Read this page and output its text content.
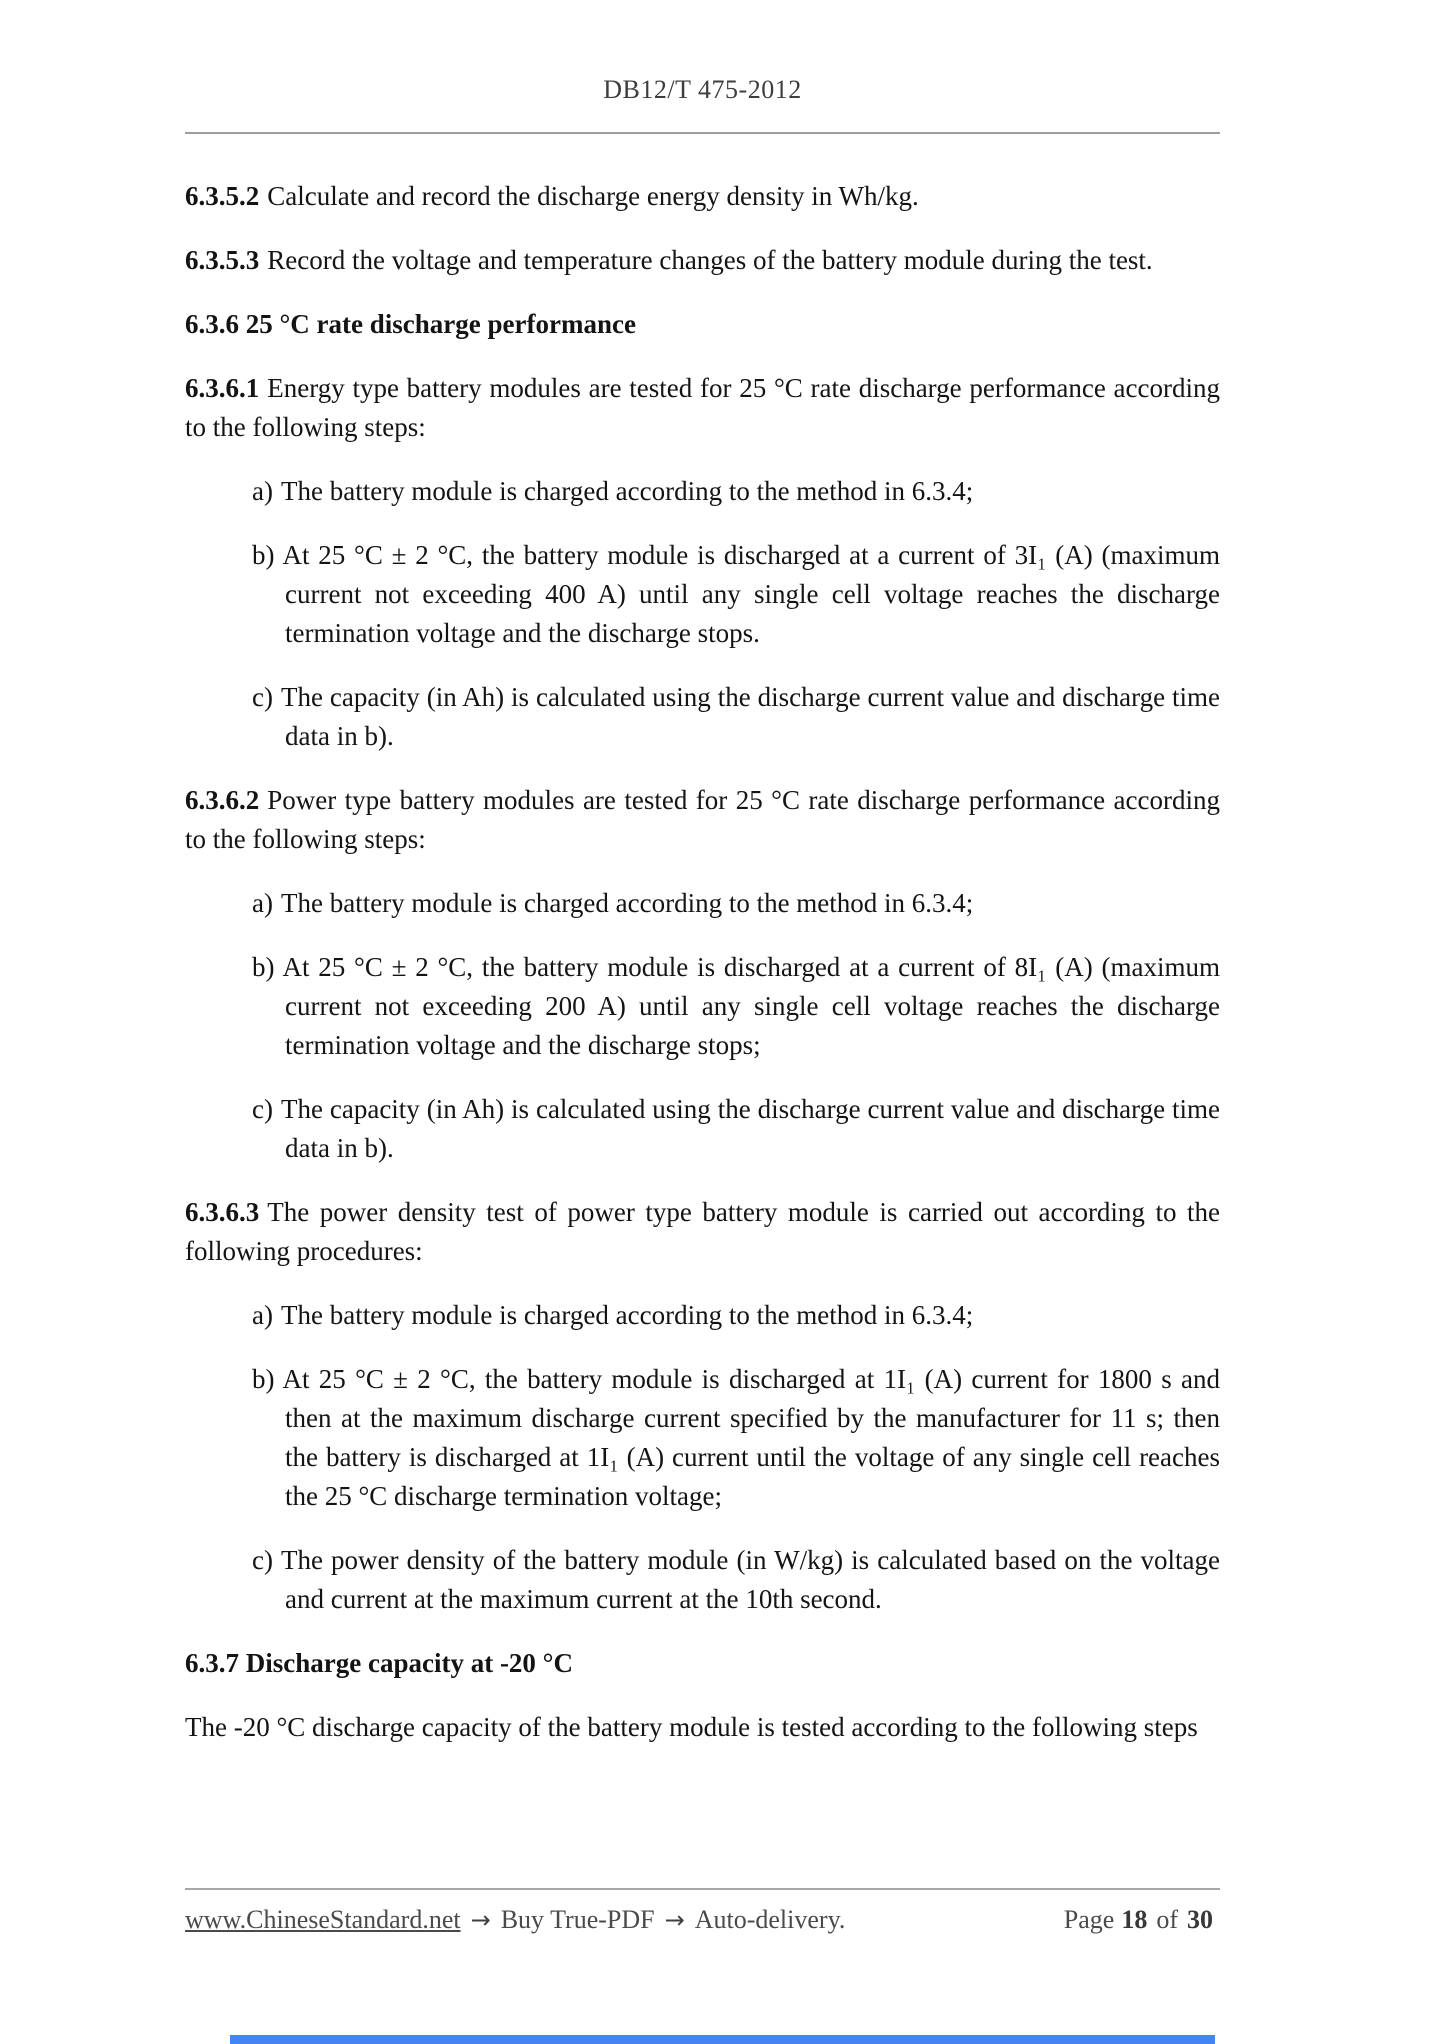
DB12/T 475-2012

6.3.5.2 Calculate and record the discharge energy density in Wh/kg.

6.3.5.3 Record the voltage and temperature changes of the battery module during the test.

6.3.6 25 °C rate discharge performance

6.3.6.1 Energy type battery modules are tested for 25 °C rate discharge performance according to the following steps:

a) The battery module is charged according to the method in 6.3.4;
b) At 25 °C ± 2 °C, the battery module is discharged at a current of 3I₁ (A) (maximum current not exceeding 400 A) until any single cell voltage reaches the discharge termination voltage and the discharge stops.
c) The capacity (in Ah) is calculated using the discharge current value and discharge time data in b).

6.3.6.2 Power type battery modules are tested for 25 °C rate discharge performance according to the following steps:

a) The battery module is charged according to the method in 6.3.4;
b) At 25 °C ± 2 °C, the battery module is discharged at a current of 8I₁ (A) (maximum current not exceeding 200 A) until any single cell voltage reaches the discharge termination voltage and the discharge stops;
c) The capacity (in Ah) is calculated using the discharge current value and discharge time data in b).

6.3.6.3 The power density test of power type battery module is carried out according to the following procedures:

a) The battery module is charged according to the method in 6.3.4;
b) At 25 °C ± 2 °C, the battery module is discharged at 1I₁ (A) current for 1800 s and then at the maximum discharge current specified by the manufacturer for 11 s; then the battery is discharged at 1I₁ (A) current until the voltage of any single cell reaches the 25 °C discharge termination voltage;
c) The power density of the battery module (in W/kg) is calculated based on the voltage and current at the maximum current at the 10th second.

6.3.7 Discharge capacity at -20 °C

The -20 °C discharge capacity of the battery module is tested according to the following steps

www.ChineseStandard.net → Buy True-PDF → Auto-delivery.	Page 18 of 30
